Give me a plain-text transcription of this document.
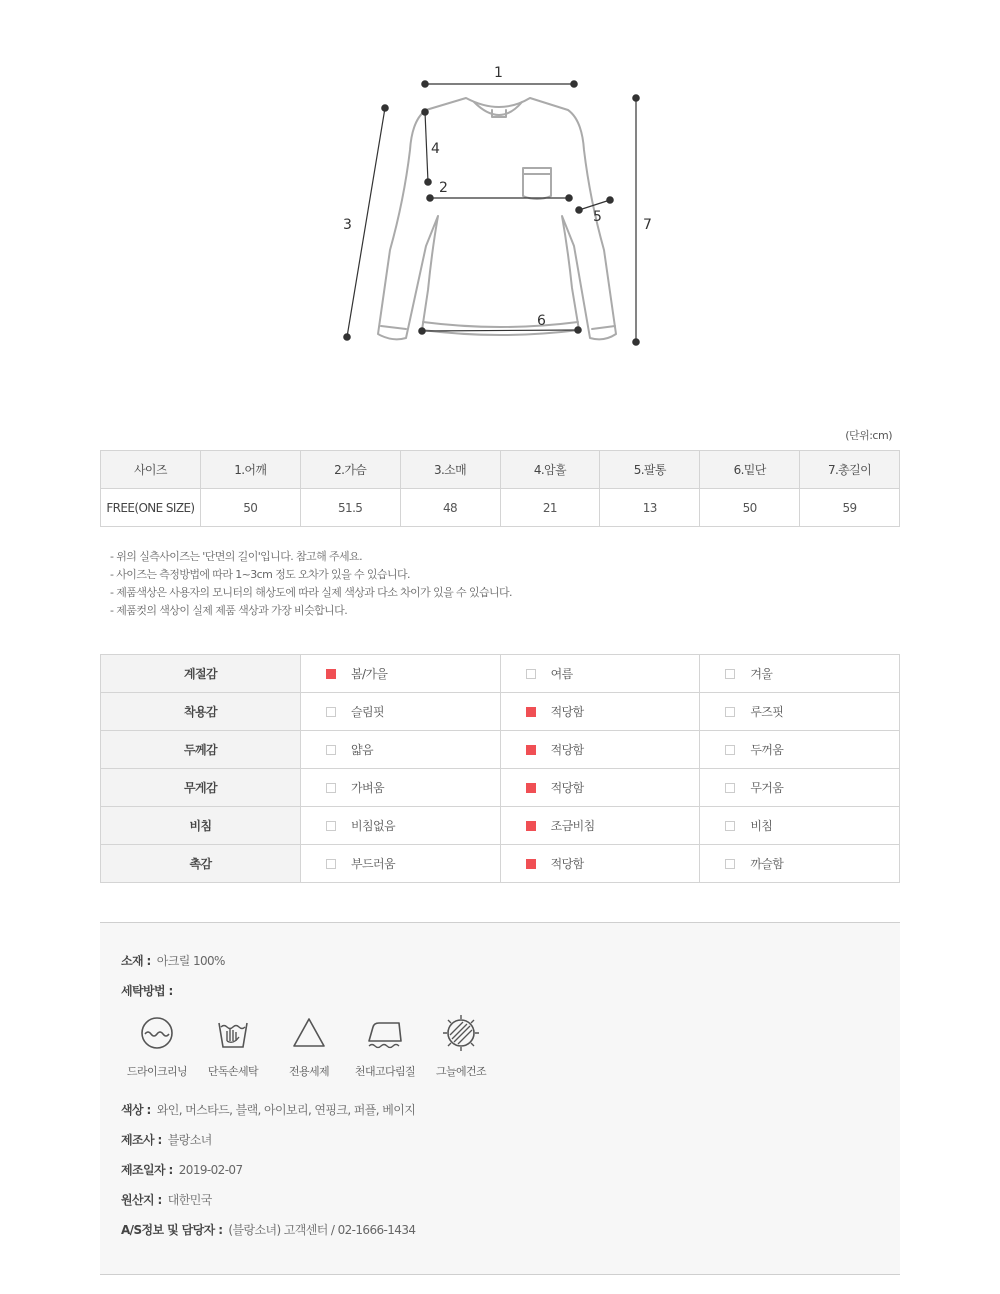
1
2
3
4
5
6
7
(단위:cm)
사이즈	1.어깨	2.가슴	3.소매	4.암홀	5.팔통	6.밑단	7.총길이
FREE(ONE SIZE)	50	51.5	48	21	13	50	59
- 위의 실측사이즈는 '단면의 길이'입니다. 참고해 주세요.
- 사이즈는 측정방법에 따라 1~3cm 정도 오차가 있을 수 있습니다.
- 제품색상은 사용자의 모니터의 해상도에 따라 실제 색상과 다소 차이가 있을 수 있습니다.
- 제품컷의 색상이 실제 제품 색상과 가장 비슷합니다.
계절감	봄/가을	여름	겨울
착용감	슬림핏	적당함	루즈핏
두께감	얇음	적당함	두꺼움
무게감	가벼움	적당함	무거움
비침	비침없음	조금비침	비침
촉감	부드러움	적당함	까슬함
소재 : 아크릴 100%
세탁방법 :
드라이크리닝	단독손세탁	전용세제	천대고다림질	그늘에건조
색상 : 와인, 머스타드, 블랙, 아이보리, 연핑크, 퍼플, 베이지
제조사 : 블랑소녀
제조일자 : 2019-02-07
원산지 : 대한민국
A/S정보 및 담당자 : (블랑소녀) 고객센터 / 02-1666-1434
